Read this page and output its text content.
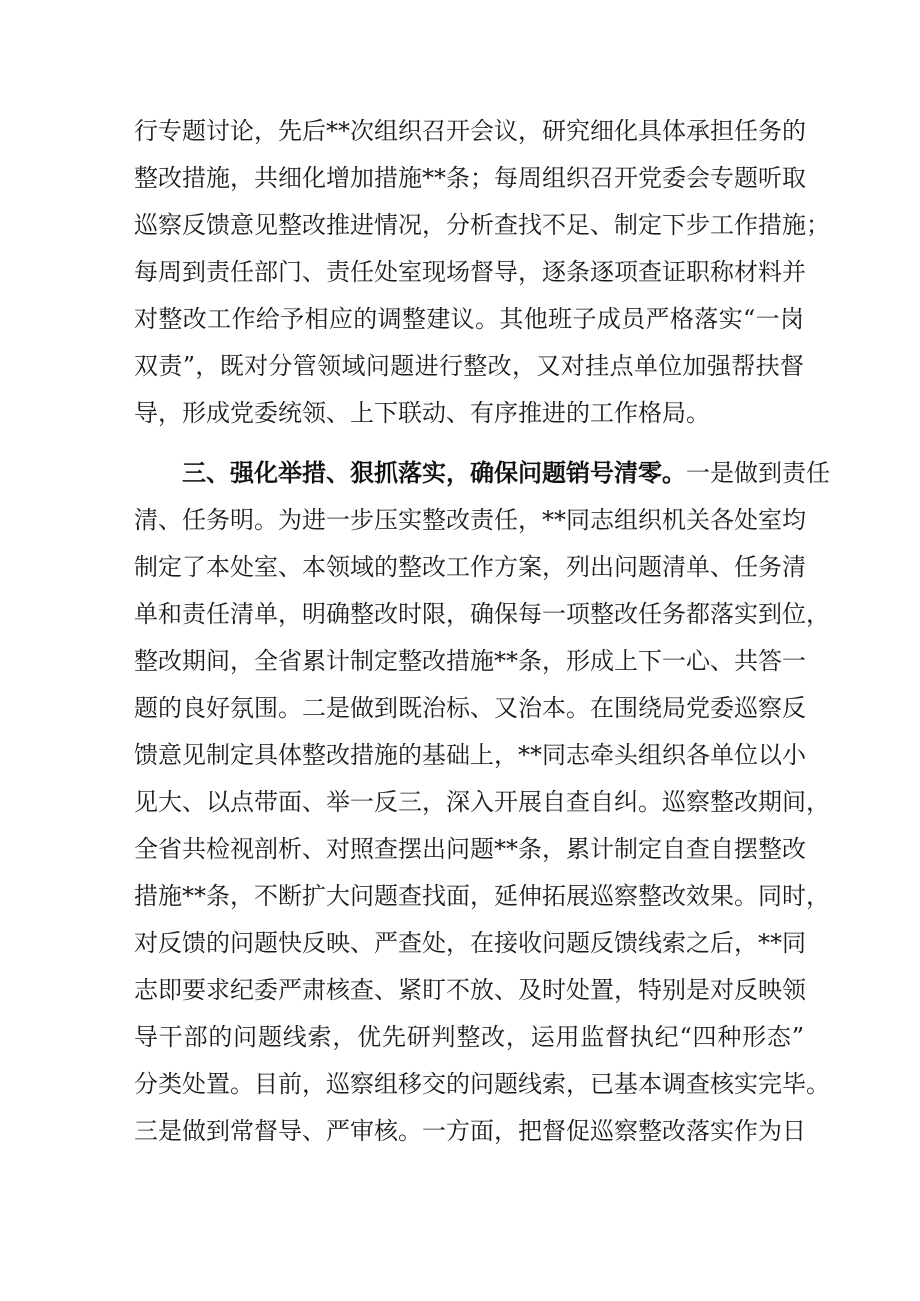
行专题讨论，先后**次组织召开会议，研究细化具体承担任务的
整改措施，共细化增加措施**条；每周组织召开党委会专题听取
巡察反馈意见整改推进情况，分析查找不足、制定下步工作措施；
每周到责任部门、责任处室现场督导，逐条逐项查证职称材料并
对整改工作给予相应的调整建议。其他班子成员严格落实“一岗
双责”，既对分管领域问题进行整改，又对挂点单位加强帮扶督
导，形成党委统领、上下联动、有序推进的工作格局。
三、强化举措、狠抓落实，确保问题销号清零。一是做到责任
清、任务明。为进一步压实整改责任，**同志组织机关各处室均
制定了本处室、本领域的整改工作方案，列出问题清单、任务清
单和责任清单，明确整改时限，确保每一项整改任务都落实到位，
整改期间，全省累计制定整改措施**条，形成上下一心、共答一
题的良好氛围。二是做到既治标、又治本。在围绕局党委巡察反
馈意见制定具体整改措施的基础上，**同志牵头组织各单位以小
见大、以点带面、举一反三，深入开展自查自纠。巡察整改期间，
全省共检视剖析、对照查摆出问题**条，累计制定自查自摆整改
措施**条，不断扩大问题查找面，延伸拓展巡察整改效果。同时，
对反馈的问题快反映、严查处，在接收问题反馈线索之后，**同
志即要求纪委严肃核查、紧盯不放、及时处置，特别是对反映领
导干部的问题线索，优先研判整改，运用监督执纪“四种形态”
分类处置。目前，巡察组移交的问题线索，已基本调查核实完毕。
三是做到常督导、严审核。一方面，把督促巡察整改落实作为日
